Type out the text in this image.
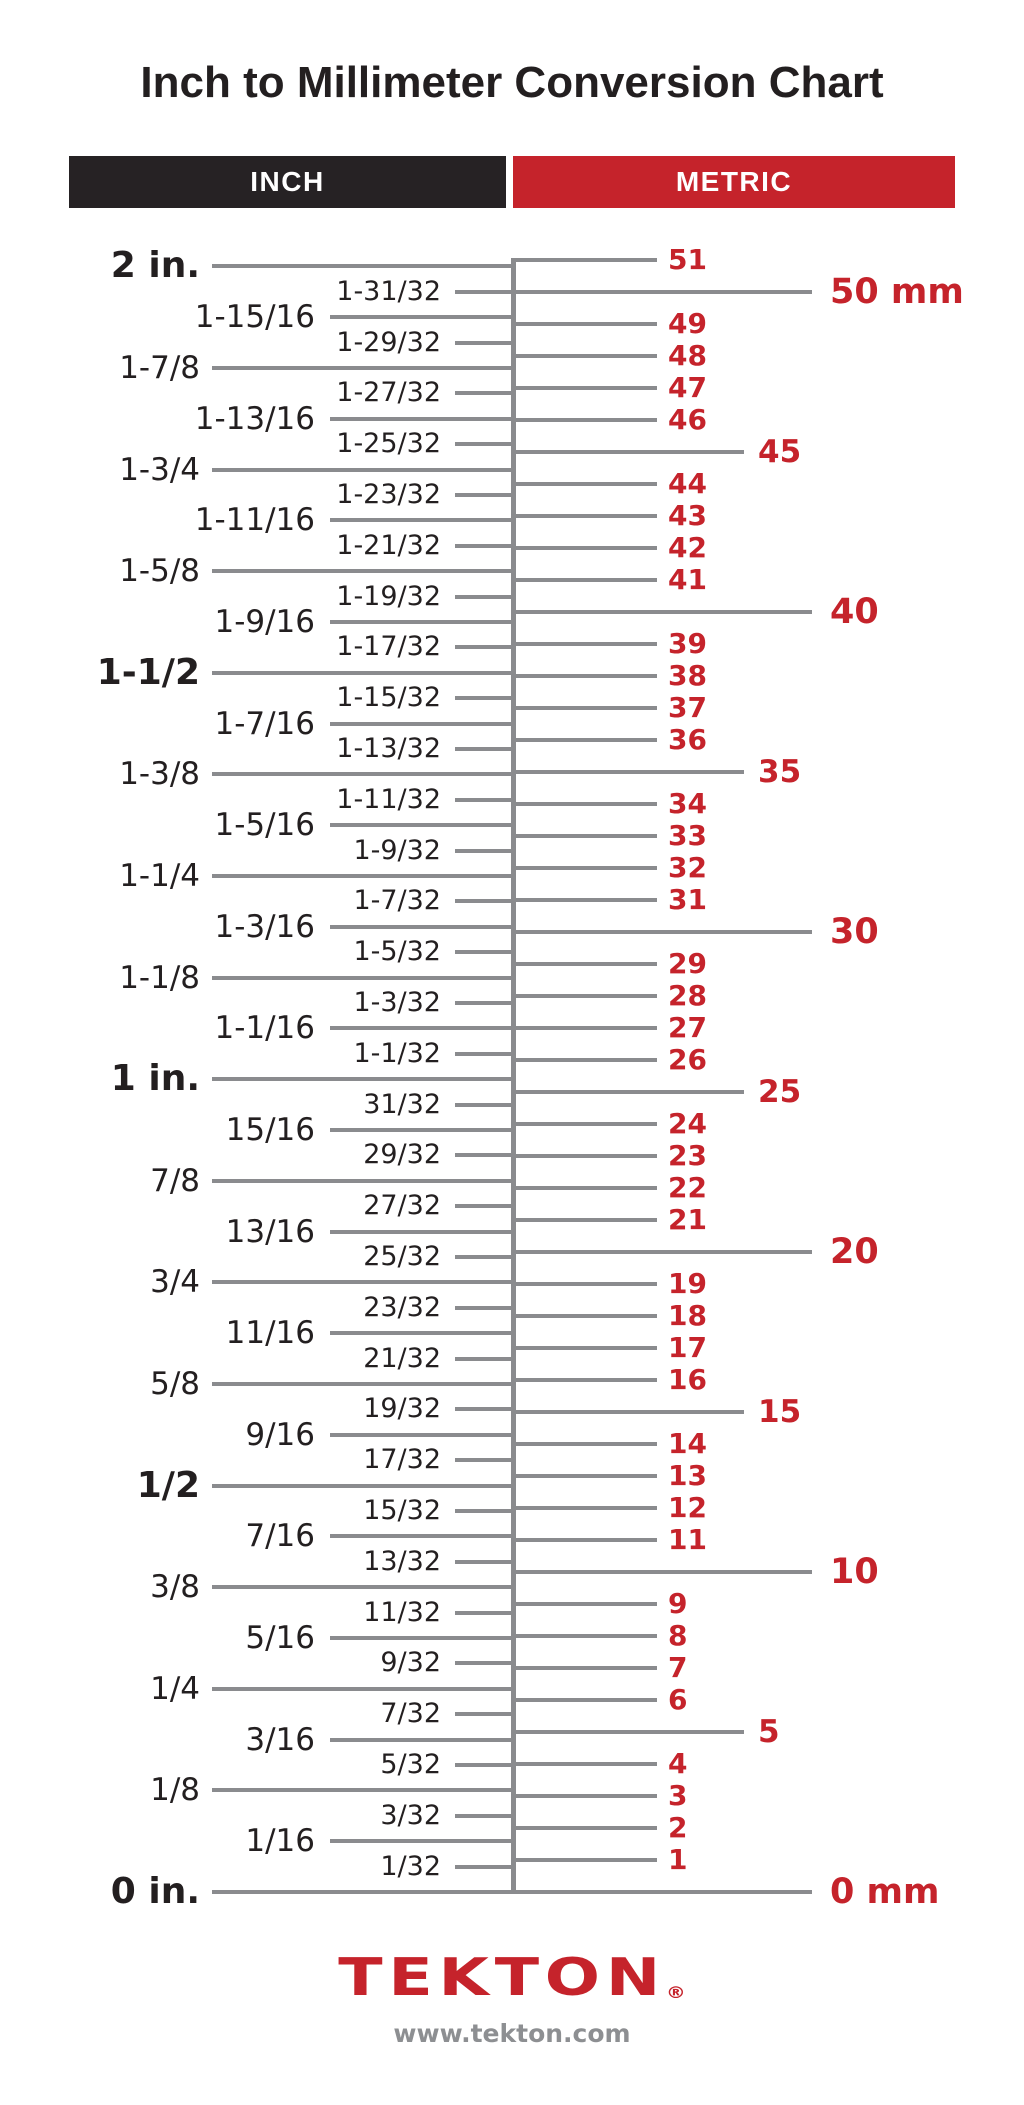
Inch to Millimeter Conversion Chart
INCH	METRIC
2 in.
1-31/32
1-15/16
1-29/32
1-7/8
1-27/32
1-13/16
1-25/32
1-3/4
1-23/32
1-11/16
1-21/32
1-5/8
1-19/32
1-9/16
1-17/32
1-1/2
1-15/32
1-7/16
1-13/32
1-3/8
1-11/32
1-5/16
1-9/32
1-1/4
1-7/32
1-3/16
1-5/32
1-1/8
1-3/32
1-1/16
1-1/32
1 in.
31/32
15/16
29/32
7/8
27/32
13/16
25/32
3/4
23/32
11/16
21/32
5/8
19/32
9/16
17/32
1/2
15/32
7/16
13/32
3/8
11/32
5/16
9/32
1/4
7/32
3/16
5/32
1/8
3/32
1/16
1/32
0 in.
51
50 mm
49
48
47
46
45
44
43
42
41
40
39
38
37
36
35
34
33
32
31
30
29
28
27
26
25
24
23
22
21
20
19
18
17
16
15
14
13
12
11
10
9
8
7
6
5
4
3
2
1
0 mm
TEKTON ®
www.tekton.com
